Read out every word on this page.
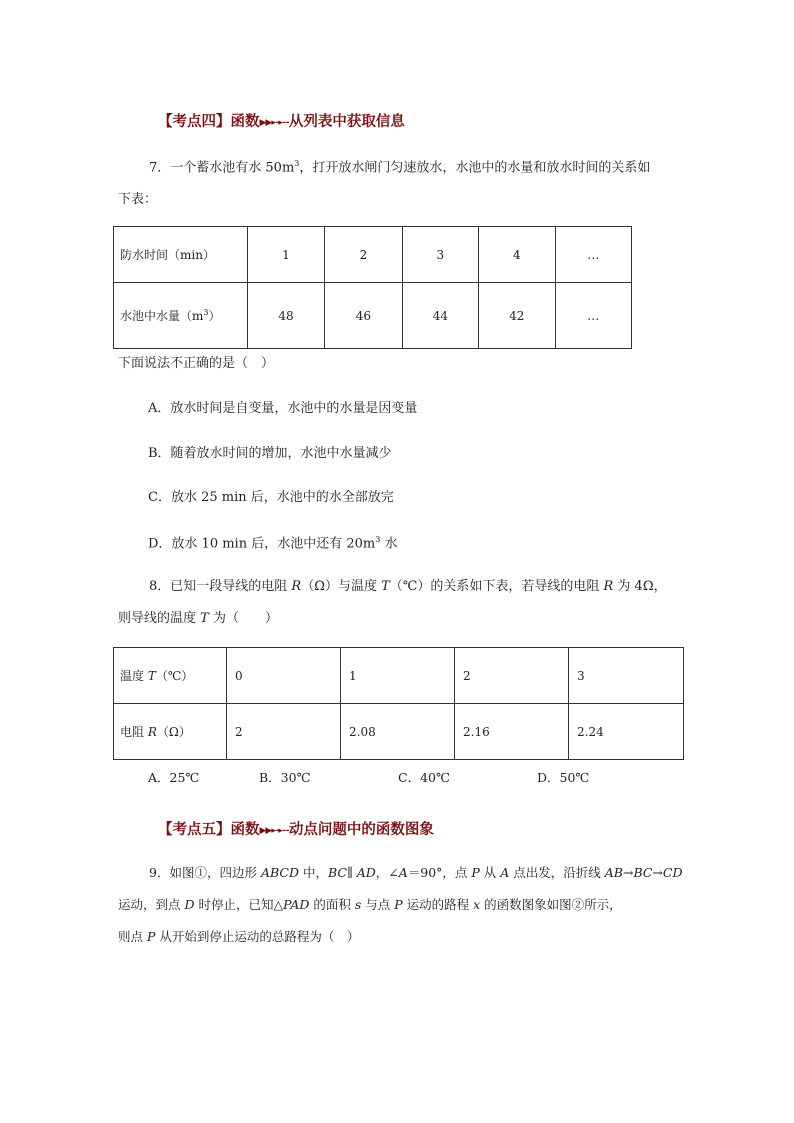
【考点四】函数▶▶▸⁃▸⁃⁃从列表中获取信息
7．一个蓄水池有水 $50m^3$，打开放水闸门匀速放水，水池中的水量和放水时间的关系如
下表：
防水时间（min）	1	2	3	4	…
水池中水量$(m^3)$	48	46	44	42	…
下面说法不正确的是（　）
A．放水时间是自变量，水池中的水量是因变量
B．随着放水时间的增加，水池中水量减少
C．放水 25 min 后，水池中的水全部放完
D．放水 10 min 后，水池中还有 $20m^3$ 水
8．已知一段导线的电阻 R（Ω）与温度 T（℃）的关系如下表，若导线的电阻 R 为 4Ω，
则导线的温度 T 为（　　）
温度 T（℃）	0	1	2	3
电阻 R（Ω）	2	2.08	2.16	2.24
A．25℃	B．30℃	C．40℃	D．50℃
【考点五】函数▶▶▸⁃▸⁃⁃动点问题中的函数图象
9．如图①，四边形 ABCD 中，BC∥ AD，∠A＝90°，点 P 从 A 点出发，沿折线 AB→BC→CD
运动，到点 D 时停止，已知△PAD 的面积 s 与点 P 运动的路程 x 的函数图象如图②所示，
则点 P 从开始到停止运动的总路程为（　）
